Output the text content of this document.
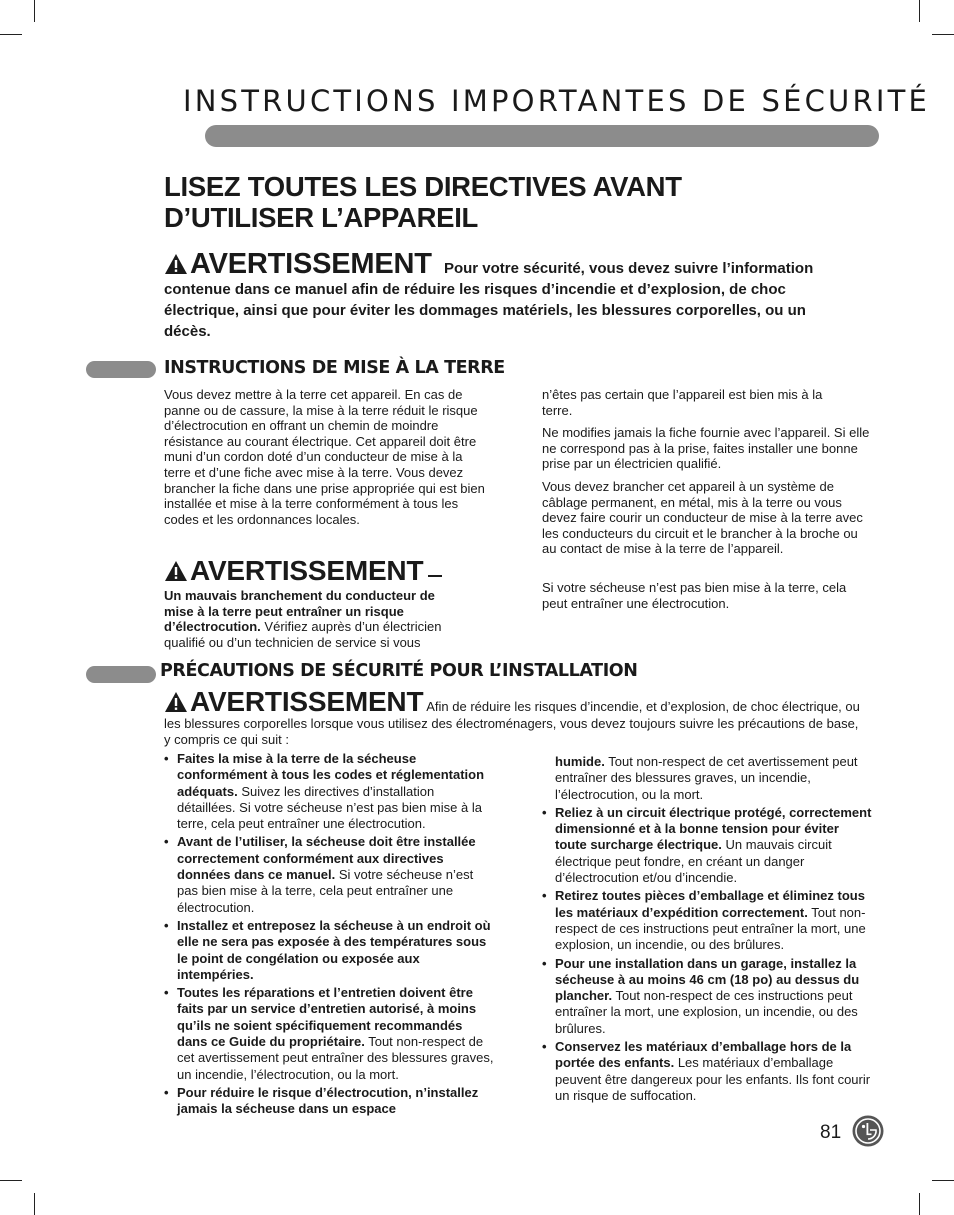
INSTRUCTIONS IMPORTANTES DE SÉCURITÉ
LISEZ TOUTES LES DIRECTIVES AVANT
D’UTILISER L’APPAREIL
AVERTISSEMENT Pour votre sécurité, vous devez suivre l’information contenue dans ce manuel afin de réduire les risques d’incendie et d’explosion, de choc électrique, ainsi que pour éviter les dommages matériels, les blessures corporelles, ou un décès.
INSTRUCTIONS DE MISE À LA TERRE

Vous devez mettre à la terre cet appareil. En cas de panne ou de cassure, la mise à la terre réduit le risque d’électrocution en offrant un chemin de moindre résistance au courant électrique. Cet appareil doit être muni d’un cordon doté d’un conducteur de mise à la terre et d’une fiche avec mise à la terre. Vous devez brancher la fiche dans une prise appropriée qui est bien installée et mise à la terre conformément à tous les codes et les ordonnances locales.

AVERTISSEMENT

Un mauvais branchement du conducteur de mise à la terre peut entraîner un risque d’électrocution. Vérifiez auprès d’un électricien qualifié ou d’un technicien de service si vous

n’êtes pas certain que l’appareil est bien mis à la terre.

Ne modifies jamais la fiche fournie avec l’appareil. Si elle ne correspond pas à la prise, faites installer une bonne prise par un électricien qualifié.

Vous devez brancher cet appareil à un système de câblage permanent, en métal, mis à la terre ou vous devez faire courir un conducteur de mise à la terre avec les conducteurs du circuit et le brancher à la broche ou au contact de mise à la terre de l’appareil.

Si votre sécheuse n’est pas bien mise à la terre, cela peut entraîner une électrocution.

PRÉCAUTIONS DE SÉCURITÉ POUR L’INSTALLATION
AVERTISSEMENT Afin de réduire les risques d’incendie, et d’explosion, de choc électrique, ou les blessures corporelles lorsque vous utilisez des électroménagers, vous devez toujours suivre les précautions de base, y compris ce qui suit :
• Faites la mise à la terre de la sécheuse conformément à tous les codes et réglementation adéquats. Suivez les directives d’installation détaillées. Si votre sécheuse n’est pas bien mise à la terre, cela peut entraîner une électrocution.
• Avant de l’utiliser, la sécheuse doit être installée correctement conformément aux directives données dans ce manuel. Si votre sécheuse n’est pas bien mise à la terre, cela peut entraîner une électrocution.
• Installez et entreposez la sécheuse à un endroit où elle ne sera pas exposée à des températures sous le point de congélation ou exposée aux intempéries.
• Toutes les réparations et l’entretien doivent être faits par un service d’entretien autorisé, à moins qu’ils ne soient spécifiquement recommandés dans ce Guide du propriétaire. Tout non-respect de cet avertissement peut entraîner des blessures graves, un incendie, l’électrocution, ou la mort.
• Pour réduire le risque d’électrocution, n’installez jamais la sécheuse dans un espace
humide. Tout non-respect de cet avertissement peut entraîner des blessures graves, un incendie, l’électrocution, ou la mort.
• Reliez à un circuit électrique protégé, correctement dimensionné et à la bonne tension pour éviter toute surcharge électrique. Un mauvais circuit électrique peut fondre, en créant un danger d’électrocution et/ou d’incendie.
• Retirez toutes pièces d’emballage et éliminez tous les matériaux d’expédition correctement. Tout non-respect de ces instructions peut entraîner la mort, une explosion, un incendie, ou des brûlures.
• Pour une installation dans un garage, installez la sécheuse à au moins 46 cm (18 po) au dessus du plancher. Tout non-respect de ces instructions peut entraîner la mort, une explosion, un incendie, ou des brûlures.
• Conservez les matériaux d’emballage hors de la portée des enfants. Les matériaux d’emballage peuvent être dangereux pour les enfants. Ils font courir un risque de suffocation.
81
